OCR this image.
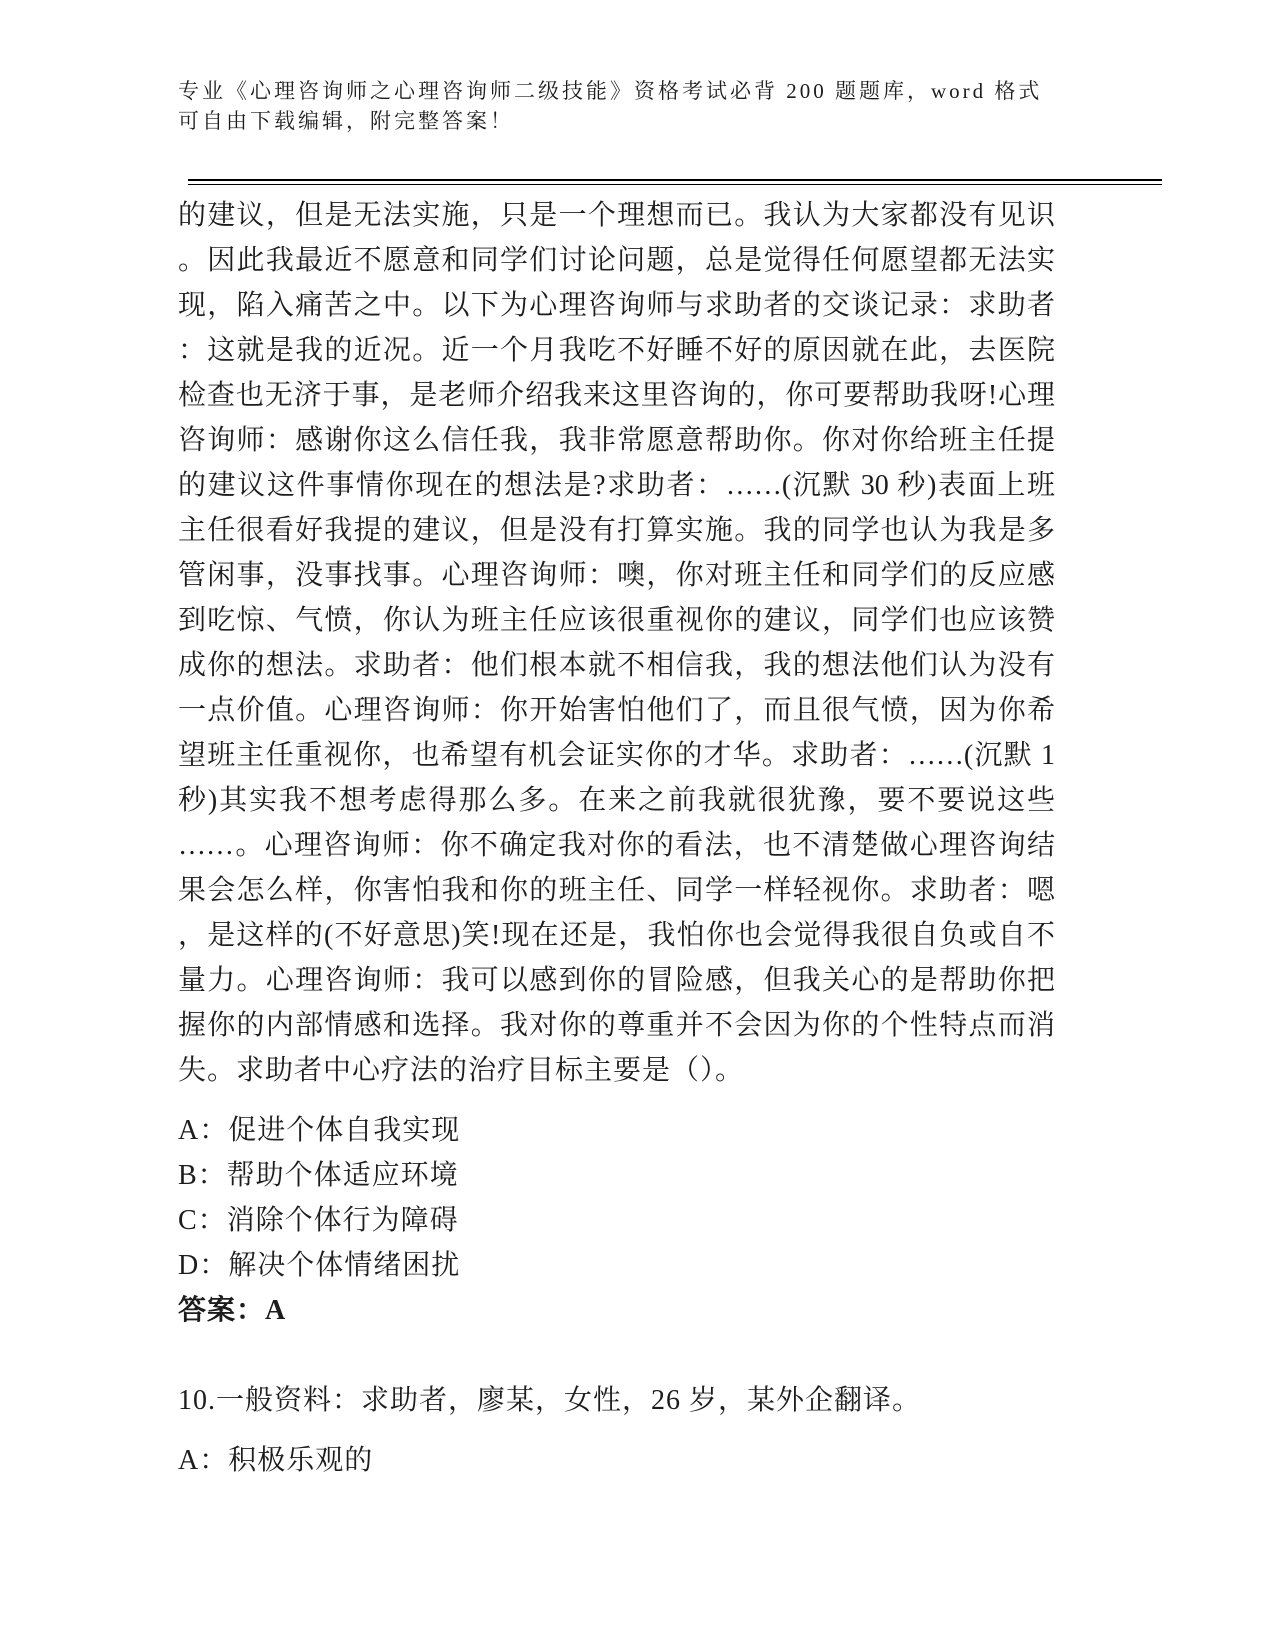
专业《心理咨询师之心理咨询师二级技能》资格考试必背 200 题题库，word 格式
可自由下载编辑，附完整答案！
的建议，但是无法实施，只是一个理想而已。我认为大家都没有见识
。因此我最近不愿意和同学们讨论问题，总是觉得任何愿望都无法实
现，陷入痛苦之中。以下为心理咨询师与求助者的交谈记录：求助者
：这就是我的近况。近一个月我吃不好睡不好的原因就在此，去医院
检查也无济于事，是老师介绍我来这里咨询的，你可要帮助我呀!心理
咨询师：感谢你这么信任我，我非常愿意帮助你。你对你给班主任提
的建议这件事情你现在的想法是?求助者：……(沉默 30 秒)表面上班
主任很看好我提的建议，但是没有打算实施。我的同学也认为我是多
管闲事，没事找事。心理咨询师：噢，你对班主任和同学们的反应感
到吃惊、气愤，你认为班主任应该很重视你的建议，同学们也应该赞
成你的想法。求助者：他们根本就不相信我，我的想法他们认为没有
一点价值。心理咨询师：你开始害怕他们了，而且很气愤，因为你希
望班主任重视你，也希望有机会证实你的才华。求助者：……(沉默 1
秒)其实我不想考虑得那么多。在来之前我就很犹豫，要不要说这些
……。心理咨询师：你不确定我对你的看法，也不清楚做心理咨询结
果会怎么样，你害怕我和你的班主任、同学一样轻视你。求助者：嗯
，是这样的(不好意思)笑!现在还是，我怕你也会觉得我很自负或自不
量力。心理咨询师：我可以感到你的冒险感，但我关心的是帮助你把
握你的内部情感和选择。我对你的尊重并不会因为你的个性特点而消
失。求助者中心疗法的治疗目标主要是（）。
A：促进个体自我实现
B：帮助个体适应环境
C：消除个体行为障碍
D：解决个体情绪困扰
答案：A
10.一般资料：求助者，廖某，女性，26 岁，某外企翻译。
A：积极乐观的
